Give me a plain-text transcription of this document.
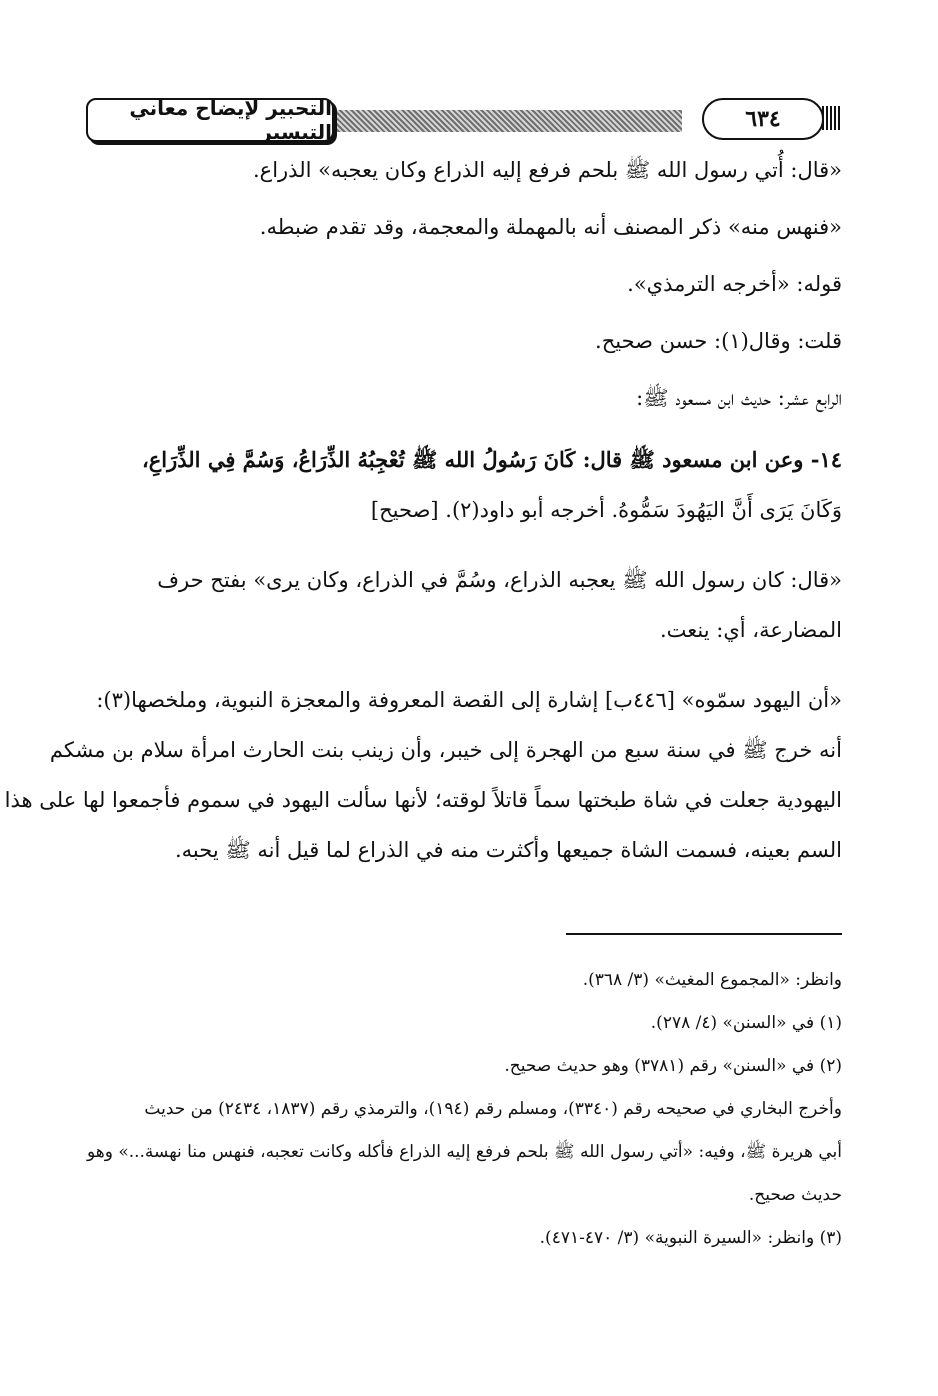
التحبير لإيضاح معاني التيسير	٦٣٤

«قال: أُتي رسول الله ﷺ بلحم فرفع إليه الذراع وكان يعجبه» الذراع.

«فنهس منه» ذكر المصنف أنه بالمهملة والمعجمة، وقد تقدم ضبطه.

قوله: «أخرجه الترمذي».

قلت: وقال(١): حسن صحيح.

الرابع عشر: حديث ابن مسعود ﷺ:

١٤- وعن ابن مسعود ﷺ قال: كَانَ رَسُولُ الله ﷺ تُعْجِبُهُ الذِّرَاعُ، وَسُمَّ فِي الذِّرَاعِ،

وَكَانَ يَرَى أَنَّ اليَهُودَ سَمُّوهُ. أخرجه أبو داود(٢). [صحيح]

«قال: كان رسول الله ﷺ يعجبه الذراع، وسُمَّ في الذراع، وكان يرى» بفتح حرف

المضارعة، أي: ينعت.

«أن اليهود سمّوه» [٤٤٦ب] إشارة إلى القصة المعروفة والمعجزة النبوية، وملخصها(٣):

أنه خرج ﷺ في سنة سبع من الهجرة إلى خيبر، وأن زينب بنت الحارث امرأة سلام بن مشكم

اليهودية جعلت في شاة طبختها سماً قاتلاً لوقته؛ لأنها سألت اليهود في سموم فأجمعوا لها على هذا

السم بعينه، فسمت الشاة جميعها وأكثرت منه في الذراع لما قيل أنه ﷺ يحبه.

وانظر: «المجموع المغيث» (٣/ ٣٦٨).

(١) في «السنن» (٤/ ٢٧٨).

(٢) في «السنن» رقم (٣٧٨١) وهو حديث صحيح.

وأخرج البخاري في صحيحه رقم (٣٣٤٠)، ومسلم رقم (١٩٤)، والترمذي رقم (١٨٣٧، ٢٤٣٤) من حديث

أبي هريرة ﷺ، وفيه: «أتي رسول الله ﷺ بلحم فرفع إليه الذراع فأكله وكانت تعجبه، فنهس منا نهسة...» وهو

حديث صحيح.

(٣) وانظر: «السيرة النبوية» (٣/ ٤٧٠-٤٧١).
